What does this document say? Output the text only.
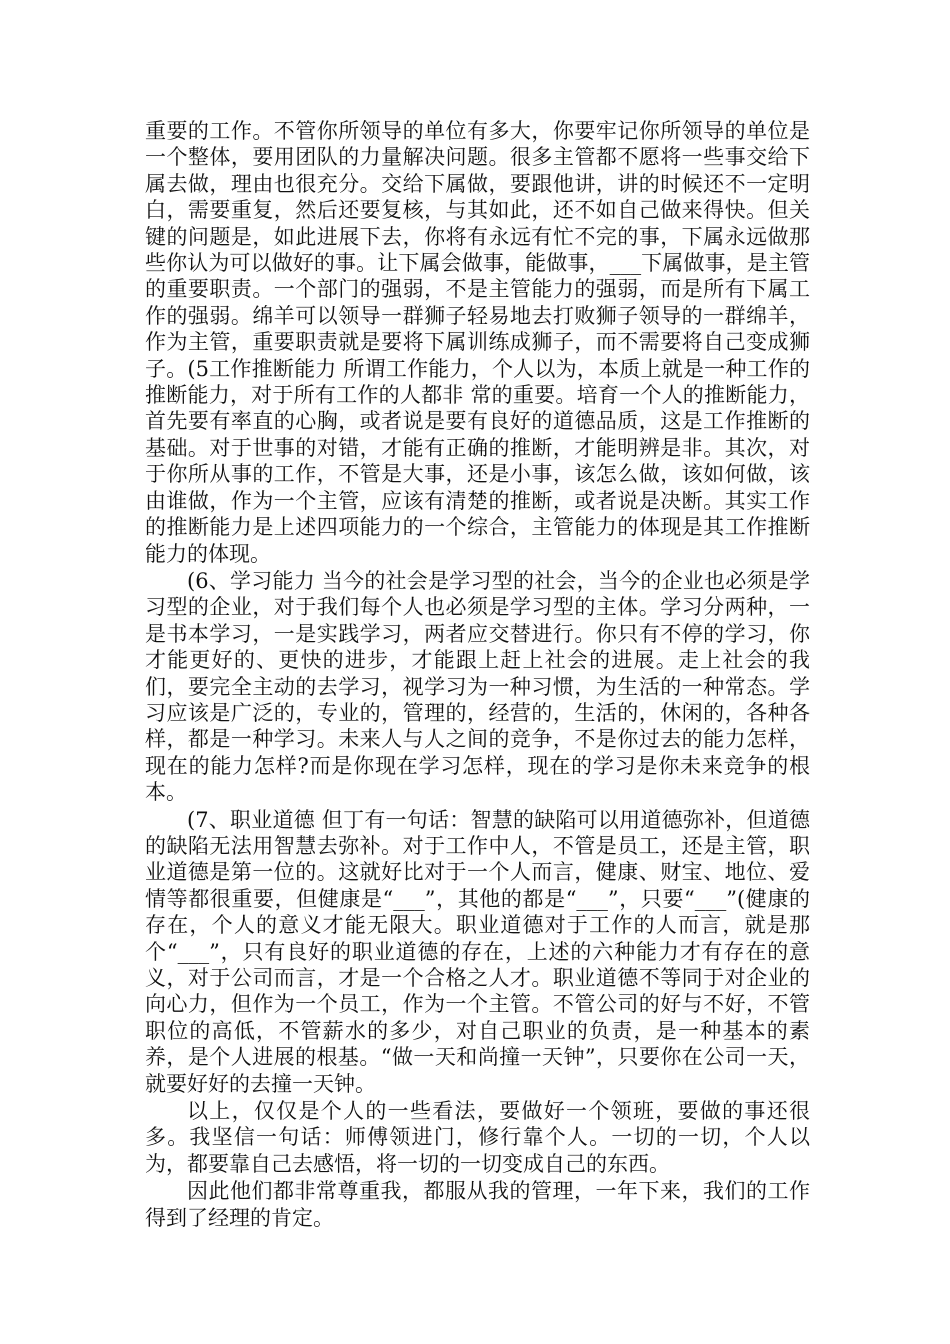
重要的工作。不管你所领导的单位有多大，你要牢记你所领导的单位是一个整体，要用团队的力量解决问题。很多主管都不愿将一些事交给下属去做，理由也很充分。交给下属做，要跟他讲，讲的时候还不一定明白，需要重复，然后还要复核，与其如此，还不如自己做来得快。但关键的问题是，如此进展下去，你将有永远有忙不完的事，下属永远做那些你认为可以做好的事。让下属会做事，能做事，___下属做事，是主管的重要职责。一个部门的强弱，不是主管能力的强弱，而是所有下属工作的强弱。绵羊可以领导一群狮子轻易地去打败狮子领导的一群绵羊，作为主管，重要职责就是要将下属训练成狮子，而不需要将自己变成狮子。(5工作推断能力 所谓工作能力，个人以为，本质上就是一种工作的推断能力，对于所有工作的人都非 常的重要。培育一个人的推断能力，首先要有率直的心胸，或者说是要有良好的道德品质，这是工作推断的基础。对于世事的对错，才能有正确的推断，才能明辨是非。其次，对于你所从事的工作，不管是大事，还是小事，该怎么做，该如何做，该由谁做，作为一个主管，应该有清楚的推断，或者说是决断。其实工作的推断能力是上述四项能力的一个综合，主管能力的体现是其工作推断能力的体现。

(6、学习能力 当今的社会是学习型的社会，当今的企业也必须是学习型的企业，对于我们每个人也必须是学习型的主体。学习分两种，一是书本学习，一是实践学习，两者应交替进行。你只有不停的学习，你才能更好的、更快的进步，才能跟上赶上社会的进展。走上社会的我们，要完全主动的去学习，视学习为一种习惯，为生活的一种常态。学习应该是广泛的，专业的，管理的，经营的，生活的，休闲的，各种各样，都是一种学习。未来人与人之间的竞争，不是你过去的能力怎样，现在的能力怎样?而是你现在学习怎样，现在的学习是你未来竞争的根本。

(7、职业道德 但丁有一句话：智慧的缺陷可以用道德弥补，但道德的缺陷无法用智慧去弥补。对于工作中人，不管是员工，还是主管，职业道德是第一位的。这就好比对于一个人而言，健康、财宝、地位、爱情等都很重要，但健康是“___”，其他的都是“___”，只要“___”(健康的存在，个人的意义才能无限大。职业道德对于工作的人而言，就是那个“___”，只有良好的职业道德的存在，上述的六种能力才有存在的意义，对于公司而言，才是一个合格之人才。职业道德不等同于对企业的向心力，但作为一个员工，作为一个主管。不管公司的好与不好，不管职位的高低，不管薪水的多少，对自己职业的负责，是一种基本的素养，是个人进展的根基。“做一天和尚撞一天钟”，只要你在公司一天，就要好好的去撞一天钟。

以上，仅仅是个人的一些看法，要做好一个领班，要做的事还很多。我坚信一句话：师傅领进门，修行靠个人。一切的一切，个人以为，都要靠自己去感悟，将一切的一切变成自己的东西。

因此他们都非常尊重我，都服从我的管理，一年下来，我们的工作得到了经理的肯定。
